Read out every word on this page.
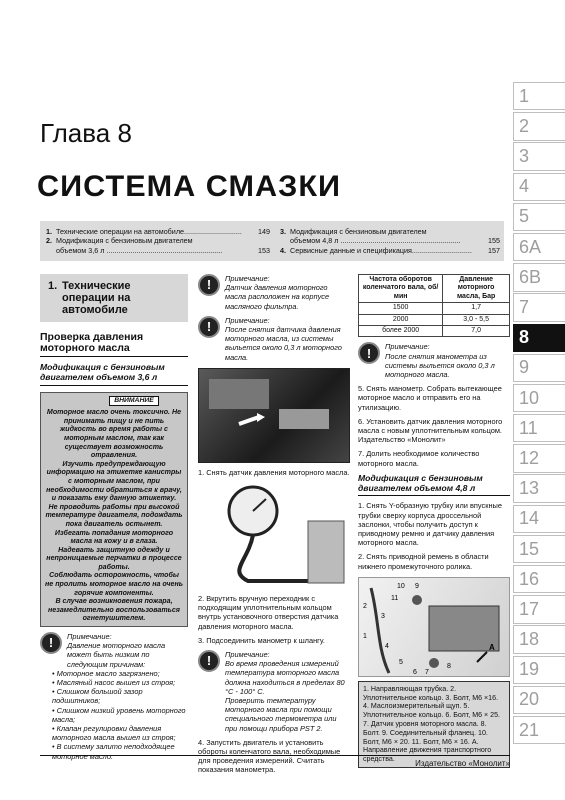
Глава 8
СИСТЕМА СМАЗКИ
1. Технические операции на автомобиле.............................	149
2. Модификация с бензиновым двигателем
объемом 3,6 л ..........................................................	153
3. Модификация с бензиновым двигателем
объемом 4,8 л ............................................................	155
4. Сервисные данные и спецификация..............................	157
1
2
3
4
5
6А
6В
7
8
9
10
11
12
13
14
15
16
17
18
19
20
21
1. Технические операции на автомобиле
Проверка давления моторного масла
Модификация с бензиновым двигателем объемом 3,6 л
ВНИМАНИЕ

Моторное масло очень токсично. Не принимать пищу и не пить жидкость во время работы с моторным маслом, так как существует возможность отравления.

Изучить предупреждающую информацию на этикетке канистры с моторным маслом, при необходимости обратиться к врачу, и показать ему данную этикетку.

Не проводить работы при высокой температуре двигателя, подождать пока двигатель остынет.

Избегать попадания моторного масла на кожу и в глаза.

Надевать защитную одежду и непроницаемые перчатки в процессе работы.

Соблюдать осторожность, чтобы не пролить моторное масло на очень горячие компоненты.

В случае возникновения пожара, незамедлительно воспользоваться огнетушителем.

!	Примечание:
Давление моторного масла может быть низким по следующим причинам:
• Моторное масло загрязнено;
• Масляный насос вышел из строя;
• Слишком большой зазор подшипников;
• Слишком низкий уровень моторного масла;
• Клапан регулировки давления моторного масла вышел из строя;
• В систему залито неподходящее моторное масло.
!	Примечание:
Датчик давления моторного масла расположен на корпусе масляного фильтра.
!	Примечание:
После снятия датчика давления моторного масла, из системы выльется около 0,3 л моторного масла.
1. Снять датчик давления моторного масла.
2. Вкрутить вручную переходник с подходящим уплотнительным кольцом внутрь установочного отверстия датчика давления моторного масла.
3. Подсоединить манометр к шлангу.
!	Примечание:
Во время проведения измерений температура моторного масла должна находиться в пределах 80 °С - 100° С.
Проверить температуру моторного масла при помощи специального термометра или при помощи прибора PST 2.
4. Запустить двигатель и установить обороты коленчатого вала, необходимые для проведения измерений. Считать показания манометра.
Частота оборотов коленчатого вала, об/мин	Давление моторного масла, Бар
1500	1,7
2000	3,0 - 5,5
более 2000	7,0
!	Примечание:
После снятия манометра из системы выльется около 0,3 л моторного масла.
5. Снять манометр. Собрать вытекающее моторное масло и отправить его на утилизацию.
6. Установить датчик давления моторного масла с новым уплотнительным кольцом. Издательство «Монолит»
7. Долить необходимое количество моторного масла.
Модификация с бензиновым двигателем объемом 4,8 л
1. Снять Y-образную трубку или впускные трубки сверху корпуса дроссельной заслонки, чтобы получить доступ к приводному ремню и датчику давления моторного масла.
2. Снять приводной ремень в области нижнего промежуточного ролика.
10 9
11
3
2
1
4
5
6 7
8
A
1. Направляющая трубка. 2. Уплотнительное кольцо. 3. Болт, М6 ×16. 4. Маслоизмерительный щуп. 5. Уплотнительное кольцо. 6. Болт, М6 × 25. 7. Датчик уровня моторного масла. 8. Болт. 9. Соединительный фланец. 10. Болт, М6 × 20. 11. Болт, М6 × 16. А. Направление движения транспортного средства.	Издательство «Монолит»
